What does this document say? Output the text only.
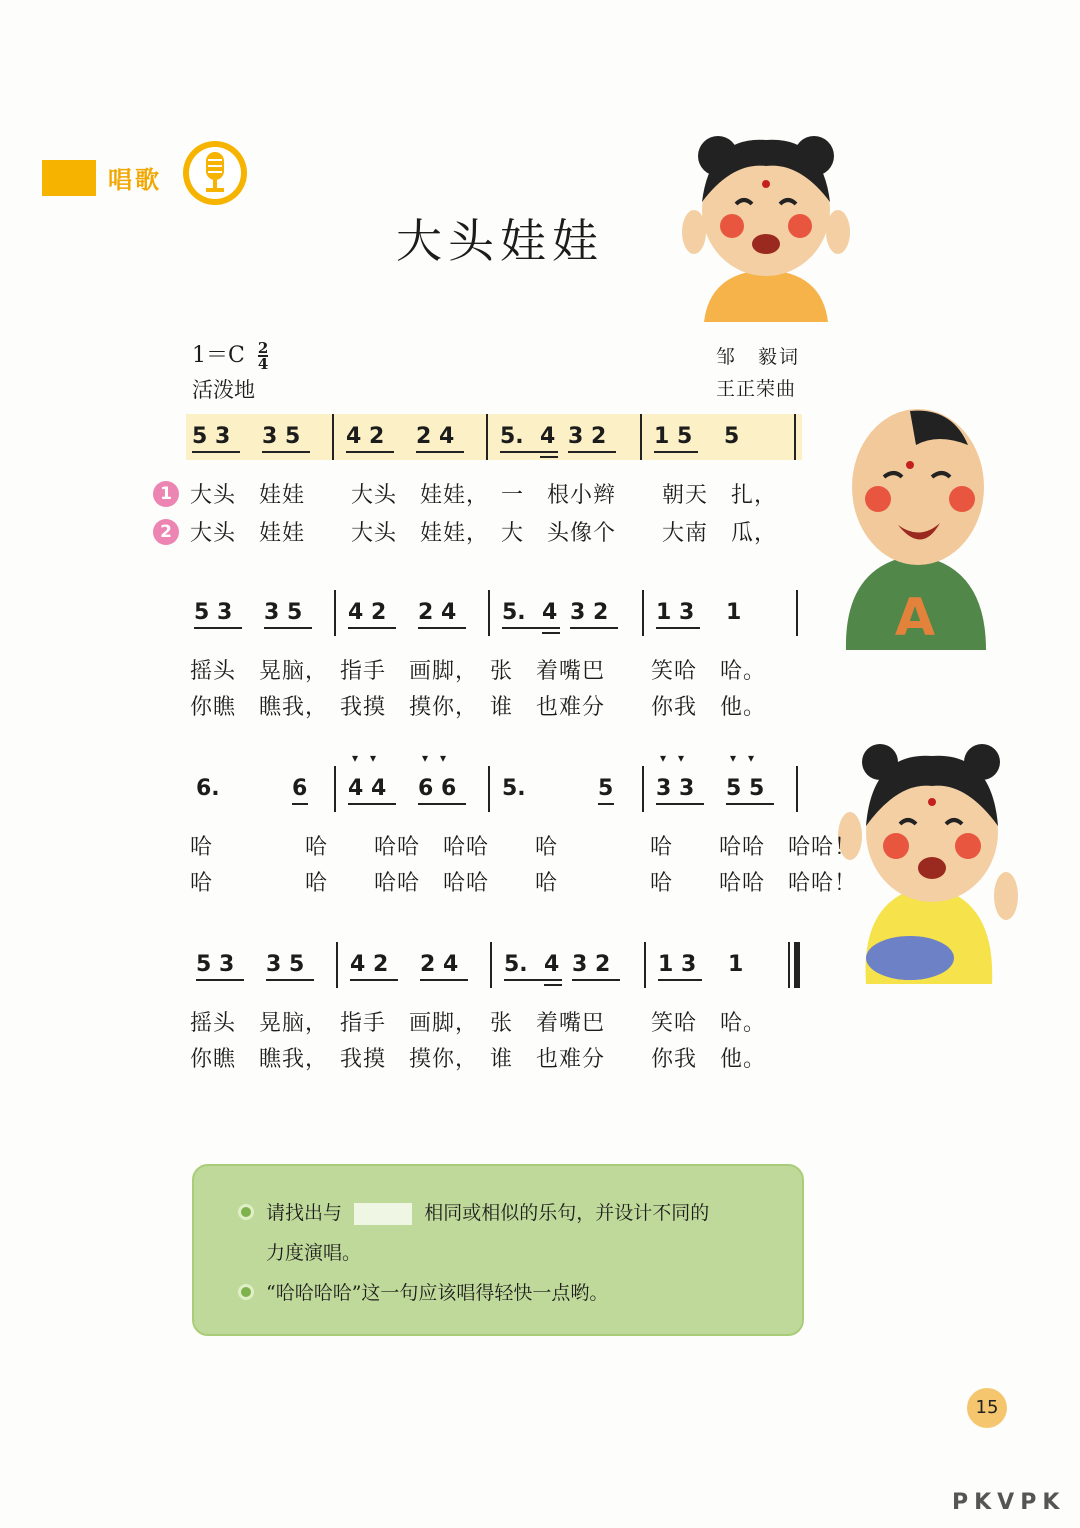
唱歌
大头娃娃
A
$1=C \frac{2}{4}$
活泼地
邹　毅词
王正荣曲
5 3 3 5 4 2 2 4 5. 4 3 2 1 5 5
1
2
大头　娃娃　　大头　娃娃，　一　根小辫　　朝天　扎，
大头　娃娃　　大头　娃娃，　大　头像个　　大南　瓜，
5 3 3 5 4 2 2 4 5. 4 3 2 1 3 1
摇头　晃脑，　指手　画脚，　张　着嘴巴　　笑哈　哈。
你瞧　瞧我，　我摸　摸你，　谁　也难分　　你我　他。
6.	6 4 4 6 6
▾　▾	▾　▾
5.	5 3 3 5 5
▾　▾	▾　▾
哈　　　　哈　　哈哈　哈哈　　哈　　　　哈　　哈哈　哈哈！
哈　　　　哈　　哈哈　哈哈　　哈　　　　哈　　哈哈　哈哈！
5 3 3 5 4 2 2 4 5. 4 3 2 1 3 1
摇头　晃脑，　指手　画脚，　张　着嘴巴　　笑哈　哈。
你瞧　瞧我，　我摸　摸你，　谁　也难分　　你我　他。
请找出与	相同或相似的乐句，并设计不同的
力度演唱。
“哈哈哈哈”这一句应该唱得轻快一点哟。
15
PKVPK
